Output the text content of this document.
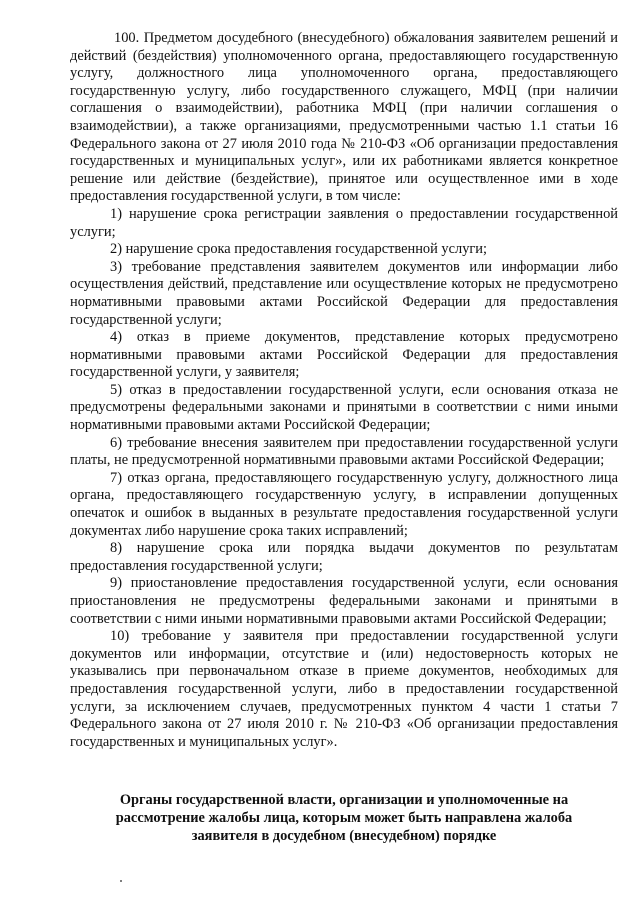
100. Предметом досудебного (внесудебного) обжалования заявителем решений и действий (бездействия) уполномоченного органа, предоставляющего государственную услугу, должностного лица уполномоченного органа, предоставляющего государственную услугу, либо государственного служащего, МФЦ (при наличии соглашения о взаимодействии), работника МФЦ (при наличии соглашения о взаимодействии), а также организациями, предусмотренными частью 1.1 статьи 16 Федерального закона от 27 июля 2010 года № 210-ФЗ «Об организации предоставления государственных и муниципальных услуг», или их работниками является конкретное решение или действие (бездействие), принятое или осуществленное ими в ходе предоставления государственной услуги, в том числе:

1) нарушение срока регистрации заявления о предоставлении государственной услуги;

2) нарушение срока предоставления государственной услуги;

3) требование представления заявителем документов или информации либо осуществления действий, представление или осуществление которых не предусмотрено нормативными правовыми актами Российской Федерации для предоставления государственной услуги;

4) отказ в приеме документов, представление которых предусмотрено нормативными правовыми актами Российской Федерации для предоставления государственной услуги, у заявителя;

5) отказ в предоставлении государственной услуги, если основания отказа не предусмотрены федеральными законами и принятыми в соответствии с ними иными нормативными правовыми актами Российской Федерации;

6) требование внесения заявителем при предоставлении государственной услуги платы, не предусмотренной нормативными правовыми актами Российской Федерации;

7) отказ органа, предоставляющего государственную услугу, должностного лица органа, предоставляющего государственную услугу, в исправлении допущенных опечаток и ошибок в выданных в результате предоставления государственной услуги документах либо нарушение срока таких исправлений;

8) нарушение срока или порядка выдачи документов по результатам предоставления государственной услуги;

9) приостановление предоставления государственной услуги, если основания приостановления не предусмотрены федеральными законами и принятыми в соответствии с ними иными нормативными правовыми актами Российской Федерации;

10) требование у заявителя при предоставлении государственной услуги документов или информации, отсутствие и (или) недостоверность которых не указывались при первоначальном отказе в приеме документов, необходимых для предоставления государственной услуги, либо в предоставлении государственной услуги, за исключением случаев, предусмотренных пунктом 4 части 1 статьи 7 Федерального закона от 27 июля 2010 г. № 210-ФЗ «Об организации предоставления государственных и муниципальных услуг».

Органы государственной власти, организации и уполномоченные на
рассмотрение жалобы лица, которым может быть направлена жалоба
заявителя в досудебном (внесудебном) порядке
